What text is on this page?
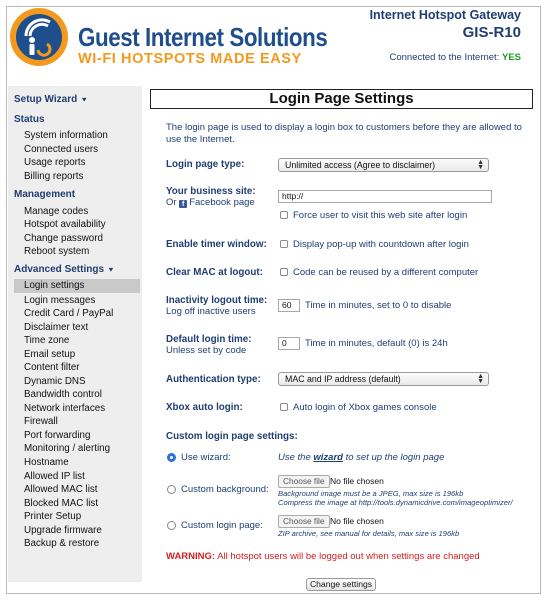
Guest Internet Solutions
WI-FI HOTSPOTS MADE EASY
Internet Hotspot Gateway
GIS-R10
Connected to the Internet: YES
Setup Wizard ▼

Status
System information
Connected users
Usage reports
Billing reports
Management
Manage codes
Hotspot availability
Change password
Reboot system
Advanced Settings ▼
Login settings
Login messages
Credit Card / PayPal
Disclaimer text
Time zone
Email setup
Content filter
Dynamic DNS
Bandwidth control
Network interfaces
Firewall
Port forwarding
Monitoring / alerting
Hostname
Allowed IP list
Allowed MAC list
Blocked MAC list
Printer Setup
Upgrade firmware
Backup & restore
Login Page Settings
The login page is used to display a login box to customers before they are allowed to use the Internet.
Login page type:	Unlimited access (Agree to disclaimer)	▲
▼
Your business site:
Or f Facebook page
http://
Force user to visit this web site after login
Enable timer window:	Display pop-up with countdown after login
Clear MAC at logout:	Code can be reused by a different computer
Inactivity logout time:
Log off inactive users
60	Time in minutes, set to 0 to disable
Default login time:
Unless set by code
0	Time in minutes, default (0) is 24h
Authentication type:	MAC and IP address (default)	▲
▼
Xbox auto login:	Auto login of Xbox games console
Custom login page settings:
Use wizard:	Use the wizard to set up the login page
Custom background:
Choose file No file chosen
Background image must be a JPEG, max size is 196kb
Compress the image at http://tools.dynamicdrive.com/imageoptimizer/
Custom login page:	Choose file No file chosen
ZIP archive, see manual for details, max size is 196kb
WARNING: All hotspot users will be logged out when settings are changed
Change settings
